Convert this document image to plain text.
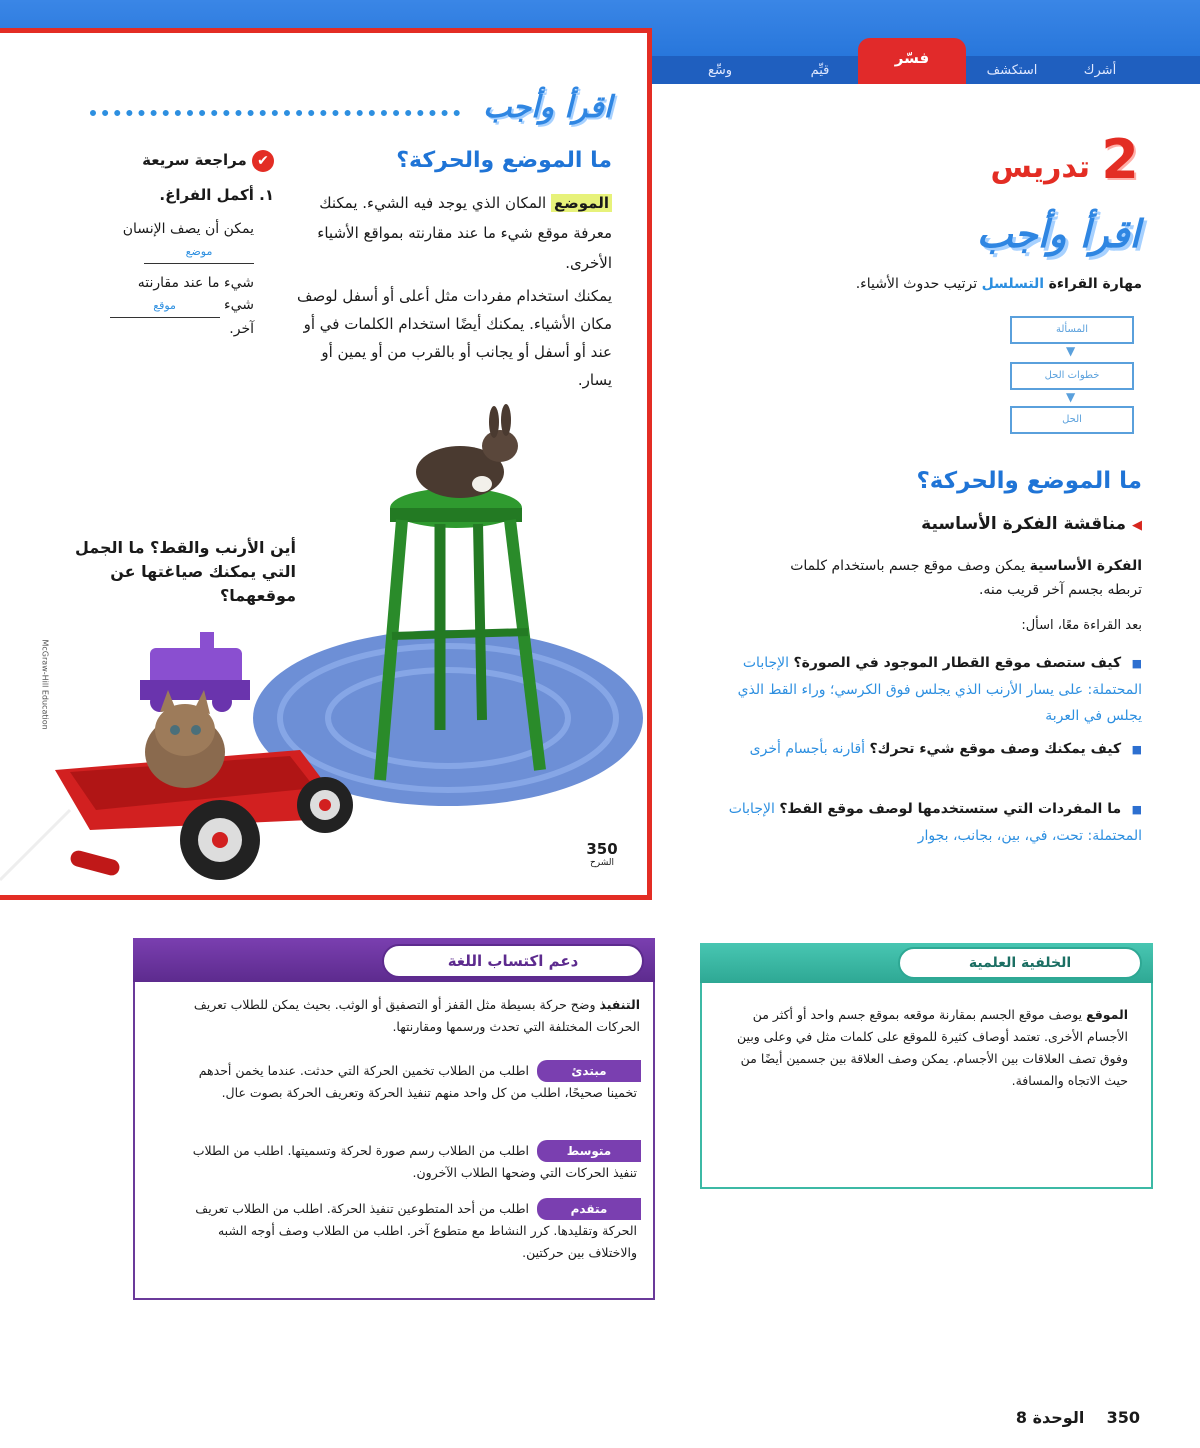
أشرك
استكشف
فسّر
قيِّم
وسِّع
اقرأ وأجب
ما الموضع والحركة؟
الموضع المكان الذي يوجد فيه الشيء. يمكنك معرفة موقع شيء ما عند مقارنته بمواقع الأشياء الأخرى.
يمكنك استخدام مفردات مثل أعلى أو أسفل لوصف مكان الأشياء. يمكنك أيضًا استخدام الكلمات في أو عند أو أسفل أو يجانب أو بالقرب من أو يمين أو يسار.
✔ مراجعة سريعة
١. أكمل الفراغ.
يمكن أن يصف الإنسان
موضع
شيء ما عند مقارنته
شيء موقع
آخر.
أين الأرنب والقط؟ ما الجمل التي يمكنك صياغتها عن موقعهما؟
350
الشرح
McGraw-Hill Education
2
تدريس
اقرأ وأجب
مهارة القراءة التسلسل ترتيب حدوث الأشياء.
المسألة
▼
خطوات الحل
▼
الحل
ما الموضع والحركة؟
◀ مناقشة الفكرة الأساسية
الفكرة الأساسية يمكن وصف موقع جسم باستخدام كلمات تربطه بجسم آخر قريب منه.
بعد القراءة معًا، اسأل:
■ كيف ستصف موقع القطار الموجود في الصورة؟ الإجابات المحتملة: على يسار الأرنب الذي يجلس فوق الكرسي؛ وراء القط الذي يجلس في العربة
■ كيف يمكنك وصف موقع شيء تحرك؟ أقارنه بأجسام أخرى
■ ما المفردات التي ستستخدمها لوصف موقع القط؟ الإجابات المحتملة: تحت، في، بين، بجانب، بجوار
دعم اكتساب اللغة
التنفيذ وضح حركة بسيطة مثل القفز أو التصفيق أو الوثب. بحيث يمكن للطلاب تعريف الحركات المختلفة التي تحدث ورسمها ومقارنتها.
مبتدئ
اطلب من الطلاب تخمين الحركة التي حدثت. عندما يخمن أحدهم تخمينا صحيحًا، اطلب من كل واحد منهم تنفيذ الحركة وتعريف الحركة بصوت عال.
متوسط
اطلب من الطلاب رسم صورة لحركة وتسميتها. اطلب من الطلاب تنفيذ الحركات التي وضحها الطلاب الآخرون.
متقدم
اطلب من أحد المتطوعين تنفيذ الحركة. اطلب من الطلاب تعريف الحركة وتقليدها. كرر النشاط مع متطوع آخر. اطلب من الطلاب وصف أوجه الشبه والاختلاف بين حركتين.
الخلفية العلمية
الموقع يوصف موقع الجسم بمقارنة موقعه بموقع جسم واحد أو أكثر من الأجسام الأخرى. تعتمد أوصاف كثيرة للموقع على كلمات مثل في وعلى وبين وفوق تصف العلاقات بين الأجسام. يمكن وصف العلاقة بين جسمين أيضًا من حيث الاتجاه والمسافة.
350    الوحدة 8
